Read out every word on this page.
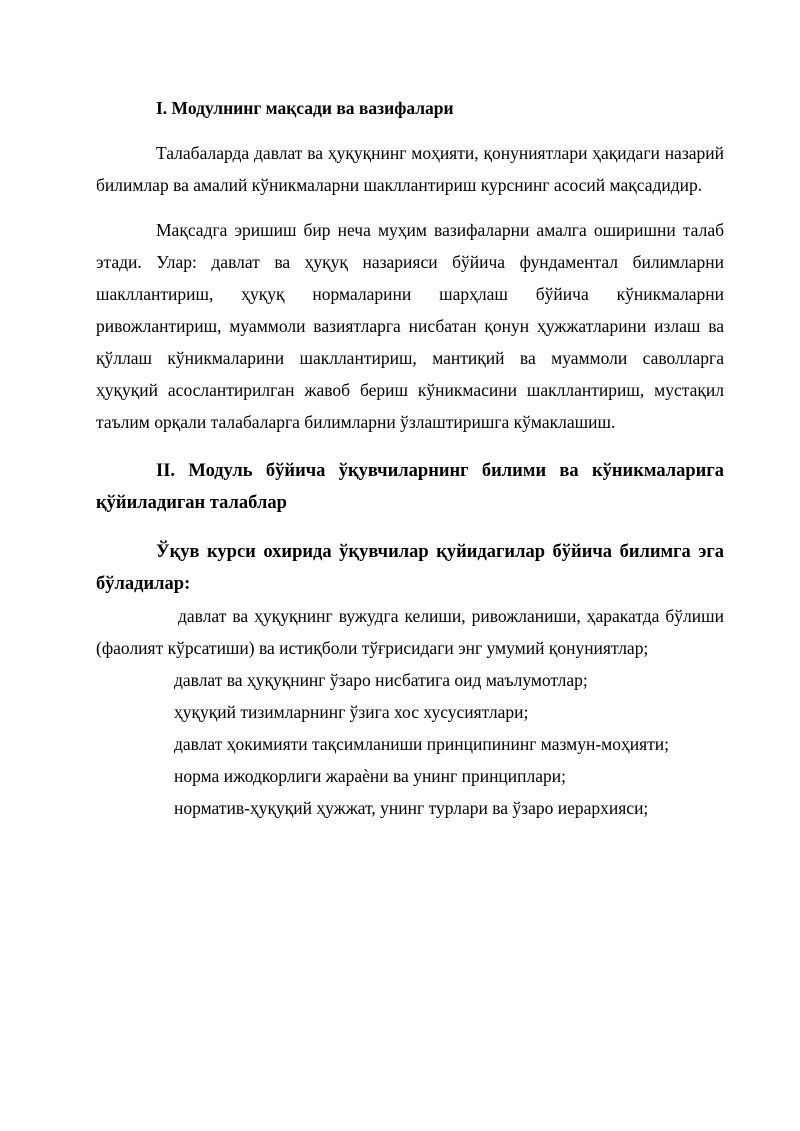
I. Модулнинг мақсади ва вазифалари

Талабаларда давлат ва ҳуқуқнинг моҳияти, қонуниятлари ҳақидаги назарий билимлар ва амалий кўникмаларни шакллантириш курснинг асосий мақсадидир.

Мақсадга эришиш бир неча муҳим вазифаларни амалга оширишни талаб этади. Улар: давлат ва ҳуқуқ назарияси бўйича фундаментал билимларни шакллантириш, ҳуқуқ нормаларини шарҳлаш бўйича кўникмаларни ривожлантириш, муаммоли вазиятларга нисбатан қонун ҳужжатларини излаш ва қўллаш кўникмаларини шакллантириш, мантиқий ва муаммоли саволларга ҳуқуқий асослантирилган жавоб бериш кўникмасини шакллантириш, мустақил таълим орқали талабаларга билимларни ўзлаштиришга кўмаклашиш.

II. Модуль бўйича ўқувчиларнинг билими ва кўникмаларига қўйиладиган талаблар

Ўқув курси охирида ўқувчилар қуйидагилар бўйича билимга эга бўладилар:

давлат ва ҳуқуқнинг вужудга келиши, ривожланиши, ҳаракатда бўлиши (фаолият кўрсатиши) ва истиқболи тўғрисидаги энг умумий қонуниятлар;

давлат ва ҳуқуқнинг ўзаро нисбатига оид маълумотлар;

ҳуқуқий тизимларнинг ўзига хос хусусиятлари;

давлат ҳокимияти тақсимланиши принципининг мазмун-моҳияти;

норма ижодкорлиги жараѐни ва унинг принциплари;

норматив-ҳуқуқий ҳужжат, унинг турлари ва ўзаро иерархияси;
